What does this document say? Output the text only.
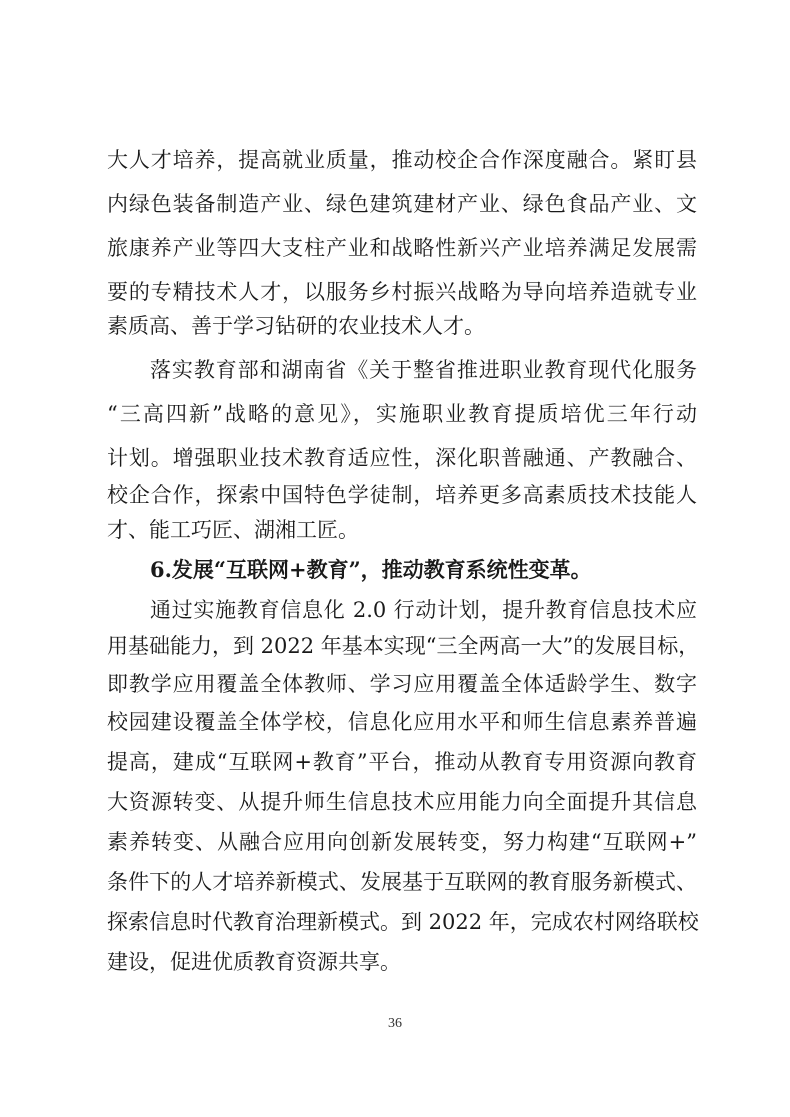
大人才培养，提高就业质量，推动校企合作深度融合。紧盯县
内绿色装备制造产业、绿色建筑建材产业、绿色食品产业、文
旅康养产业等四大支柱产业和战略性新兴产业培养满足发展需
要的专精技术人才，以服务乡村振兴战略为导向培养造就专业
素质高、善于学习钻研的农业技术人才。
落实教育部和湖南省《关于整省推进职业教育现代化服务
“三高四新”战略的意见》，实施职业教育提质培优三年行动
计划。增强职业技术教育适应性，深化职普融通、产教融合、
校企合作，探索中国特色学徒制，培养更多高素质技术技能人
才、能工巧匠、湖湘工匠。
6.发展“互联网+教育”，推动教育系统性变革。
通过实施教育信息化 2.0 行动计划，提升教育信息技术应
用基础能力，到 2022 年基本实现“三全两高一大”的发展目标，
即教学应用覆盖全体教师、学习应用覆盖全体适龄学生、数字
校园建设覆盖全体学校，信息化应用水平和师生信息素养普遍
提高，建成“互联网+教育”平台，推动从教育专用资源向教育
大资源转变、从提升师生信息技术应用能力向全面提升其信息
素养转变、从融合应用向创新发展转变，努力构建“互联网+”
条件下的人才培养新模式、发展基于互联网的教育服务新模式、
探索信息时代教育治理新模式。到 2022 年，完成农村网络联校
建设，促进优质教育资源共享。
36
